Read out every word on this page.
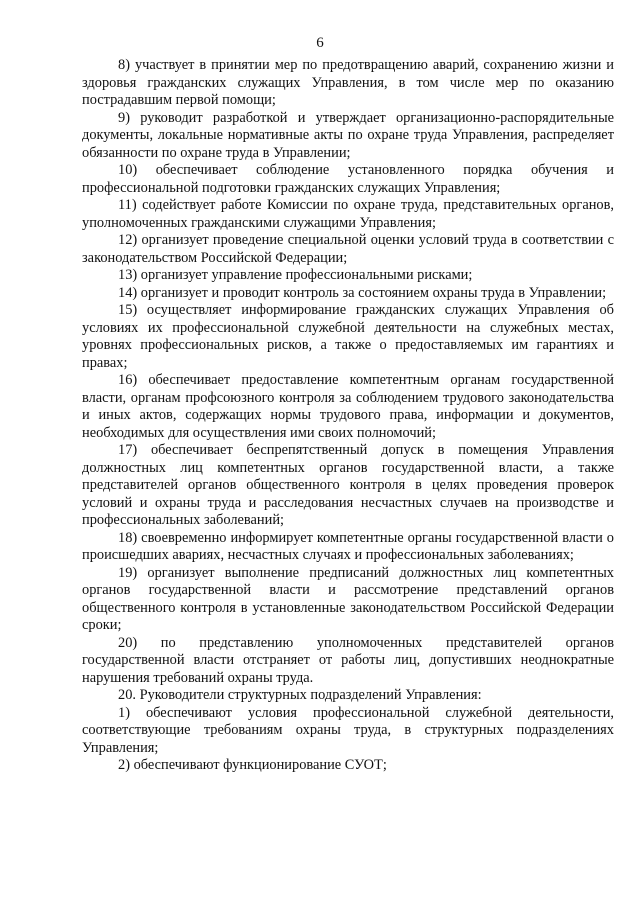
6

8) участвует в принятии мер по предотвращению аварий, сохранению жизни и здоровья гражданских служащих Управления, в том числе мер по оказанию пострадавшим первой помощи;

9) руководит разработкой и утверждает организационно-распорядительные документы, локальные нормативные акты по охране труда Управления, распределяет обязанности по охране труда в Управлении;

10) обеспечивает соблюдение установленного порядка обучения и профессиональной подготовки гражданских служащих Управления;

11) содействует работе Комиссии по охране труда, представительных органов, уполномоченных гражданскими служащими Управления;

12) организует проведение специальной оценки условий труда в соответствии с законодательством Российской Федерации;

13) организует управление профессиональными рисками;

14) организует и проводит контроль за состоянием охраны труда в Управлении;

15) осуществляет информирование гражданских служащих Управления об условиях их профессиональной служебной деятельности на служебных местах, уровнях профессиональных рисков, а также о предоставляемых им гарантиях и правах;

16) обеспечивает предоставление компетентным органам государственной власти, органам профсоюзного контроля за соблюдением трудового законодательства и иных актов, содержащих нормы трудового права, информации и документов, необходимых для осуществления ими своих полномочий;

17) обеспечивает беспрепятственный допуск в помещения Управления должностных лиц компетентных органов государственной власти, а также представителей органов общественного контроля в целях проведения проверок условий и охраны труда и расследования несчастных случаев на производстве и профессиональных заболеваний;

18) своевременно информирует компетентные органы государственной власти о происшедших авариях, несчастных случаях и профессиональных заболеваниях;

19) организует выполнение предписаний должностных лиц компетентных органов государственной власти и рассмотрение представлений органов общественного контроля в установленные законодательством Российской Федерации сроки;

20) по представлению уполномоченных представителей органов государственной власти отстраняет от работы лиц, допустивших неоднократные нарушения требований охраны труда.

20. Руководители структурных подразделений Управления:

1) обеспечивают условия профессиональной служебной деятельности, соответствующие требованиям охраны труда, в структурных подразделениях Управления;

2) обеспечивают функционирование СУОТ;
